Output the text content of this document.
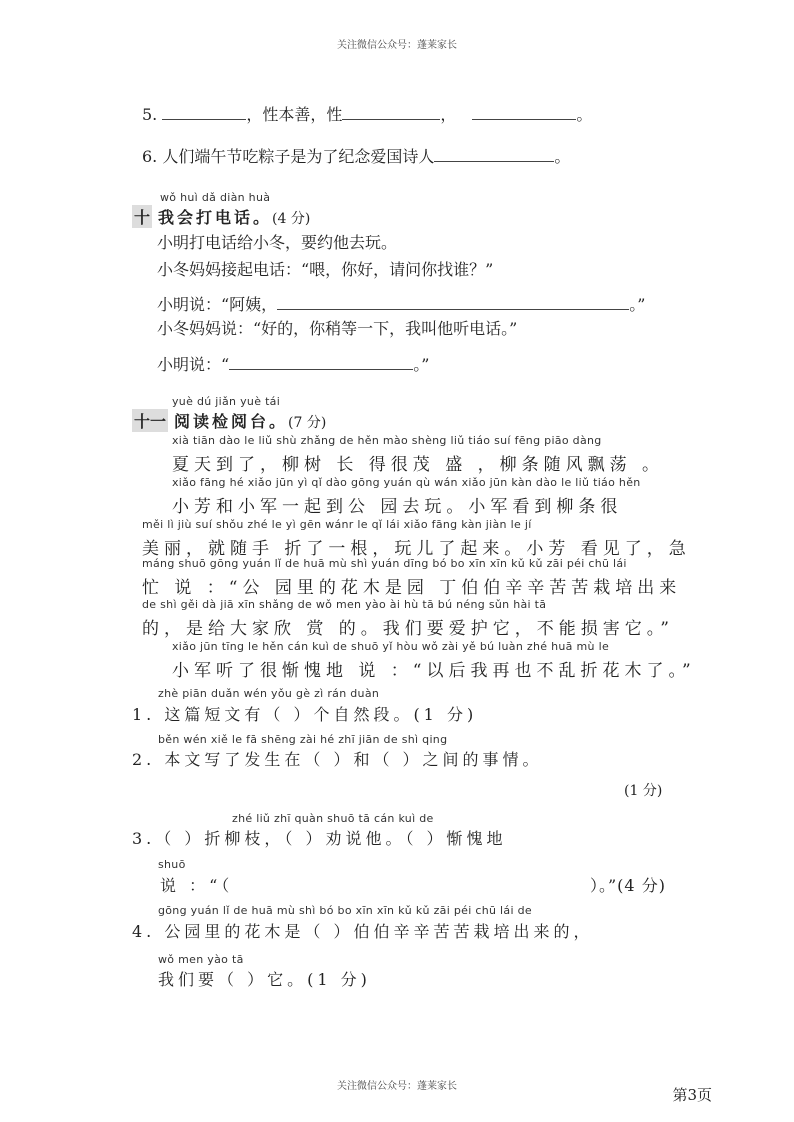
关注微信公众号：蓬莱家长
5.	，性本善，性	，	。
6. 人们端午节吃粽子是为了纪念爱国诗人	。
wǒ huì dǎ diàn huà
十 我会打电话。(4 分)
小明打电话给小冬，要约他去玩。
小冬妈妈接起电话：“喂，你好，请问你找谁？”
小明说：“阿姨，	。”
小冬妈妈说：“好的，你稍等一下，我叫他听电话。”
小明说：“	。”
yuè dú jiǎn yuè tái
十一 阅读检阅台。(7 分)
xià tiān dào le liǔ shù zhǎng de hěn mào shèng liǔ tiáo suí fēng piāo dàng
夏天到了，柳树 长 得很茂 盛 ，柳条随风飘荡 。
xiǎo fāng hé xiǎo jūn yì qǐ dào gōng yuán qù wán xiǎo jūn kàn dào le liǔ tiáo hěn
小芳和小军一起到公 园去玩。小军看到柳条很
měi lì jiù suí shǒu zhé le yì gēn wánr le qǐ lái xiǎo fāng kàn jiàn le jí
美丽，就随手 折了一根，玩儿了起来。小芳 看见了，急
máng shuō gōng yuán lǐ de huā mù shì yuán dīng bó bo xīn xīn kǔ kǔ zāi péi chū lái
忙 说 ：“公 园里的花木是园 丁伯伯辛辛苦苦栽培出来
de shì gěi dà jiā xīn shǎng de wǒ men yào ài hù tā bú néng sǔn hài tā
的，是给大家欣 赏 的。我们要爱护它，不能损害它。”
xiǎo jūn tīng le hěn cán kuì de shuō yǐ hòu wǒ zài yě bú luàn zhé huā mù le
小军听了很惭愧地 说 ：“以后我再也不乱折花木了。”
zhè piān duǎn wén yǒu gè zì rán duàn
1. 这篇短文有（ ）个自然段。(1 分)
běn wén xiě le fā shēng zài hé zhī jiān de shì qing
2. 本文写了发生在（ ）和（ ）之间的事情。
(1 分)
zhé liǔ zhī quàn shuō tā cán kuì de
3.（ ）折柳枝，（ ）劝说他。（ ）惭愧地
shuō
说 ：“（	）。”(4 分)
gōng yuán lǐ de huā mù shì bó bo xīn xīn kǔ kǔ zāi péi chū lái de
4. 公园里的花木是（ ）伯伯辛辛苦苦栽培出来的，
wǒ men yào tā
我们要（ ）它。(1 分)
关注微信公众号：蓬莱家长	第3页
